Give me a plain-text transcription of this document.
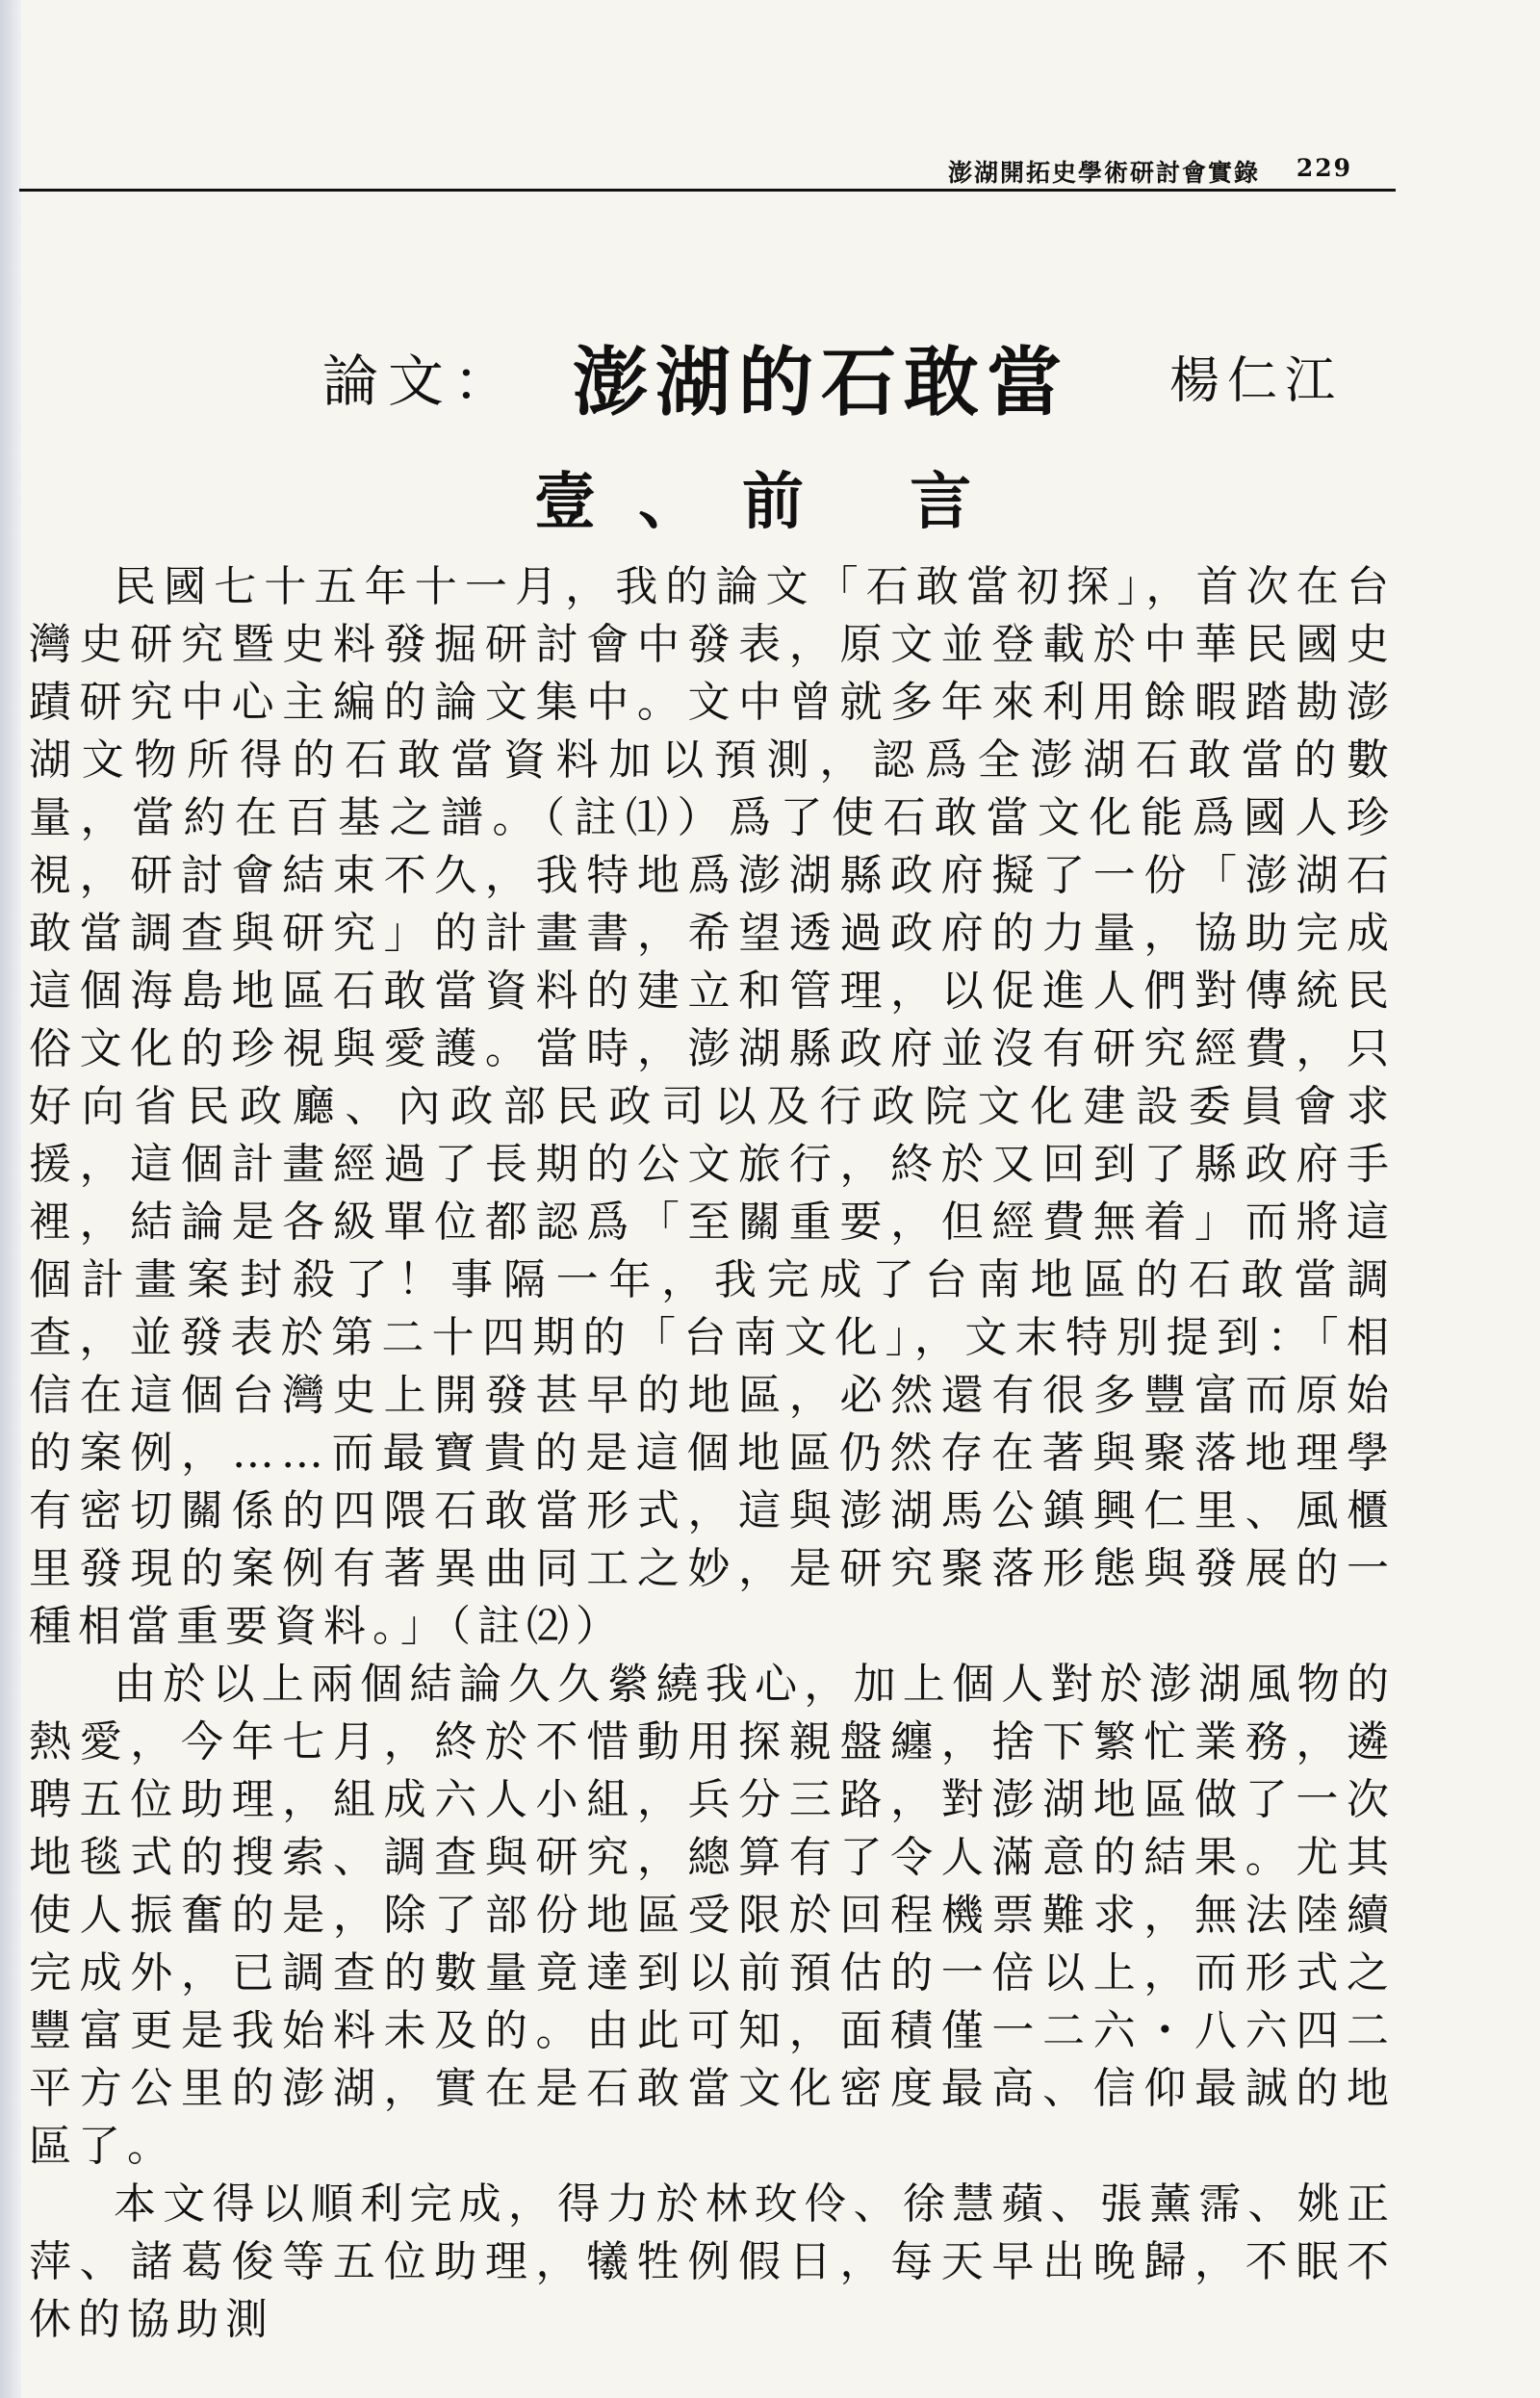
澎湖開拓史學術研討會實錄 229
論文： 澎湖的石敢當 楊仁江
壹、前 言

民國七十五年十一月，我的論文「石敢當初探」，首次在台灣史研究暨史料發掘研討會中發表，原文並登載於中華民國史蹟研究中心主編的論文集中。文中曾就多年來利用餘暇踏勘澎湖文物所得的石敢當資料加以預測，認爲全澎湖石敢當的數量，當約在百基之譜。（註⑴）爲了使石敢當文化能爲國人珍視，研討會結束不久，我特地爲澎湖縣政府擬了一份「澎湖石敢當調查與研究」的計畫書，希望透過政府的力量，協助完成這個海島地區石敢當資料的建立和管理，以促進人們對傳統民俗文化的珍視與愛護。當時，澎湖縣政府並沒有研究經費，只好向省民政廳、內政部民政司以及行政院文化建設委員會求援，這個計畫經過了長期的公文旅行，終於又回到了縣政府手裡，結論是各級單位都認爲「至關重要，但經費無着」而將這個計畫案封殺了！事隔一年，我完成了台南地區的石敢當調查，並發表於第二十四期的「台南文化」，文末特別提到：「相信在這個台灣史上開發甚早的地區，必然還有很多豐富而原始的案例，……而最寶貴的是這個地區仍然存在著與聚落地理學有密切關係的四隈石敢當形式，這與澎湖馬公鎮興仁里、風櫃里發現的案例有著異曲同工之妙，是研究聚落形態與發展的一種相當重要資料。」（註⑵）

由於以上兩個結論久久縈繞我心，加上個人對於澎湖風物的熱愛，今年七月，終於不惜動用探親盤纏，捨下繁忙業務，遴聘五位助理，組成六人小組，兵分三路，對澎湖地區做了一次地毯式的搜索、調查與研究，總算有了令人滿意的結果。尤其使人振奮的是，除了部份地區受限於回程機票難求，無法陸續完成外，已調查的數量竟達到以前預估的一倍以上，而形式之豐富更是我始料未及的。由此可知，面積僅一二六・八六四二平方公里的澎湖，實在是石敢當文化密度最高、信仰最誠的地區了。

本文得以順利完成，得力於林玫伶、徐慧蘋、張薰霈、姚正萍、諸葛俊等五位助理，犧牲例假日，每天早出晚歸，不眠不休的協助測
